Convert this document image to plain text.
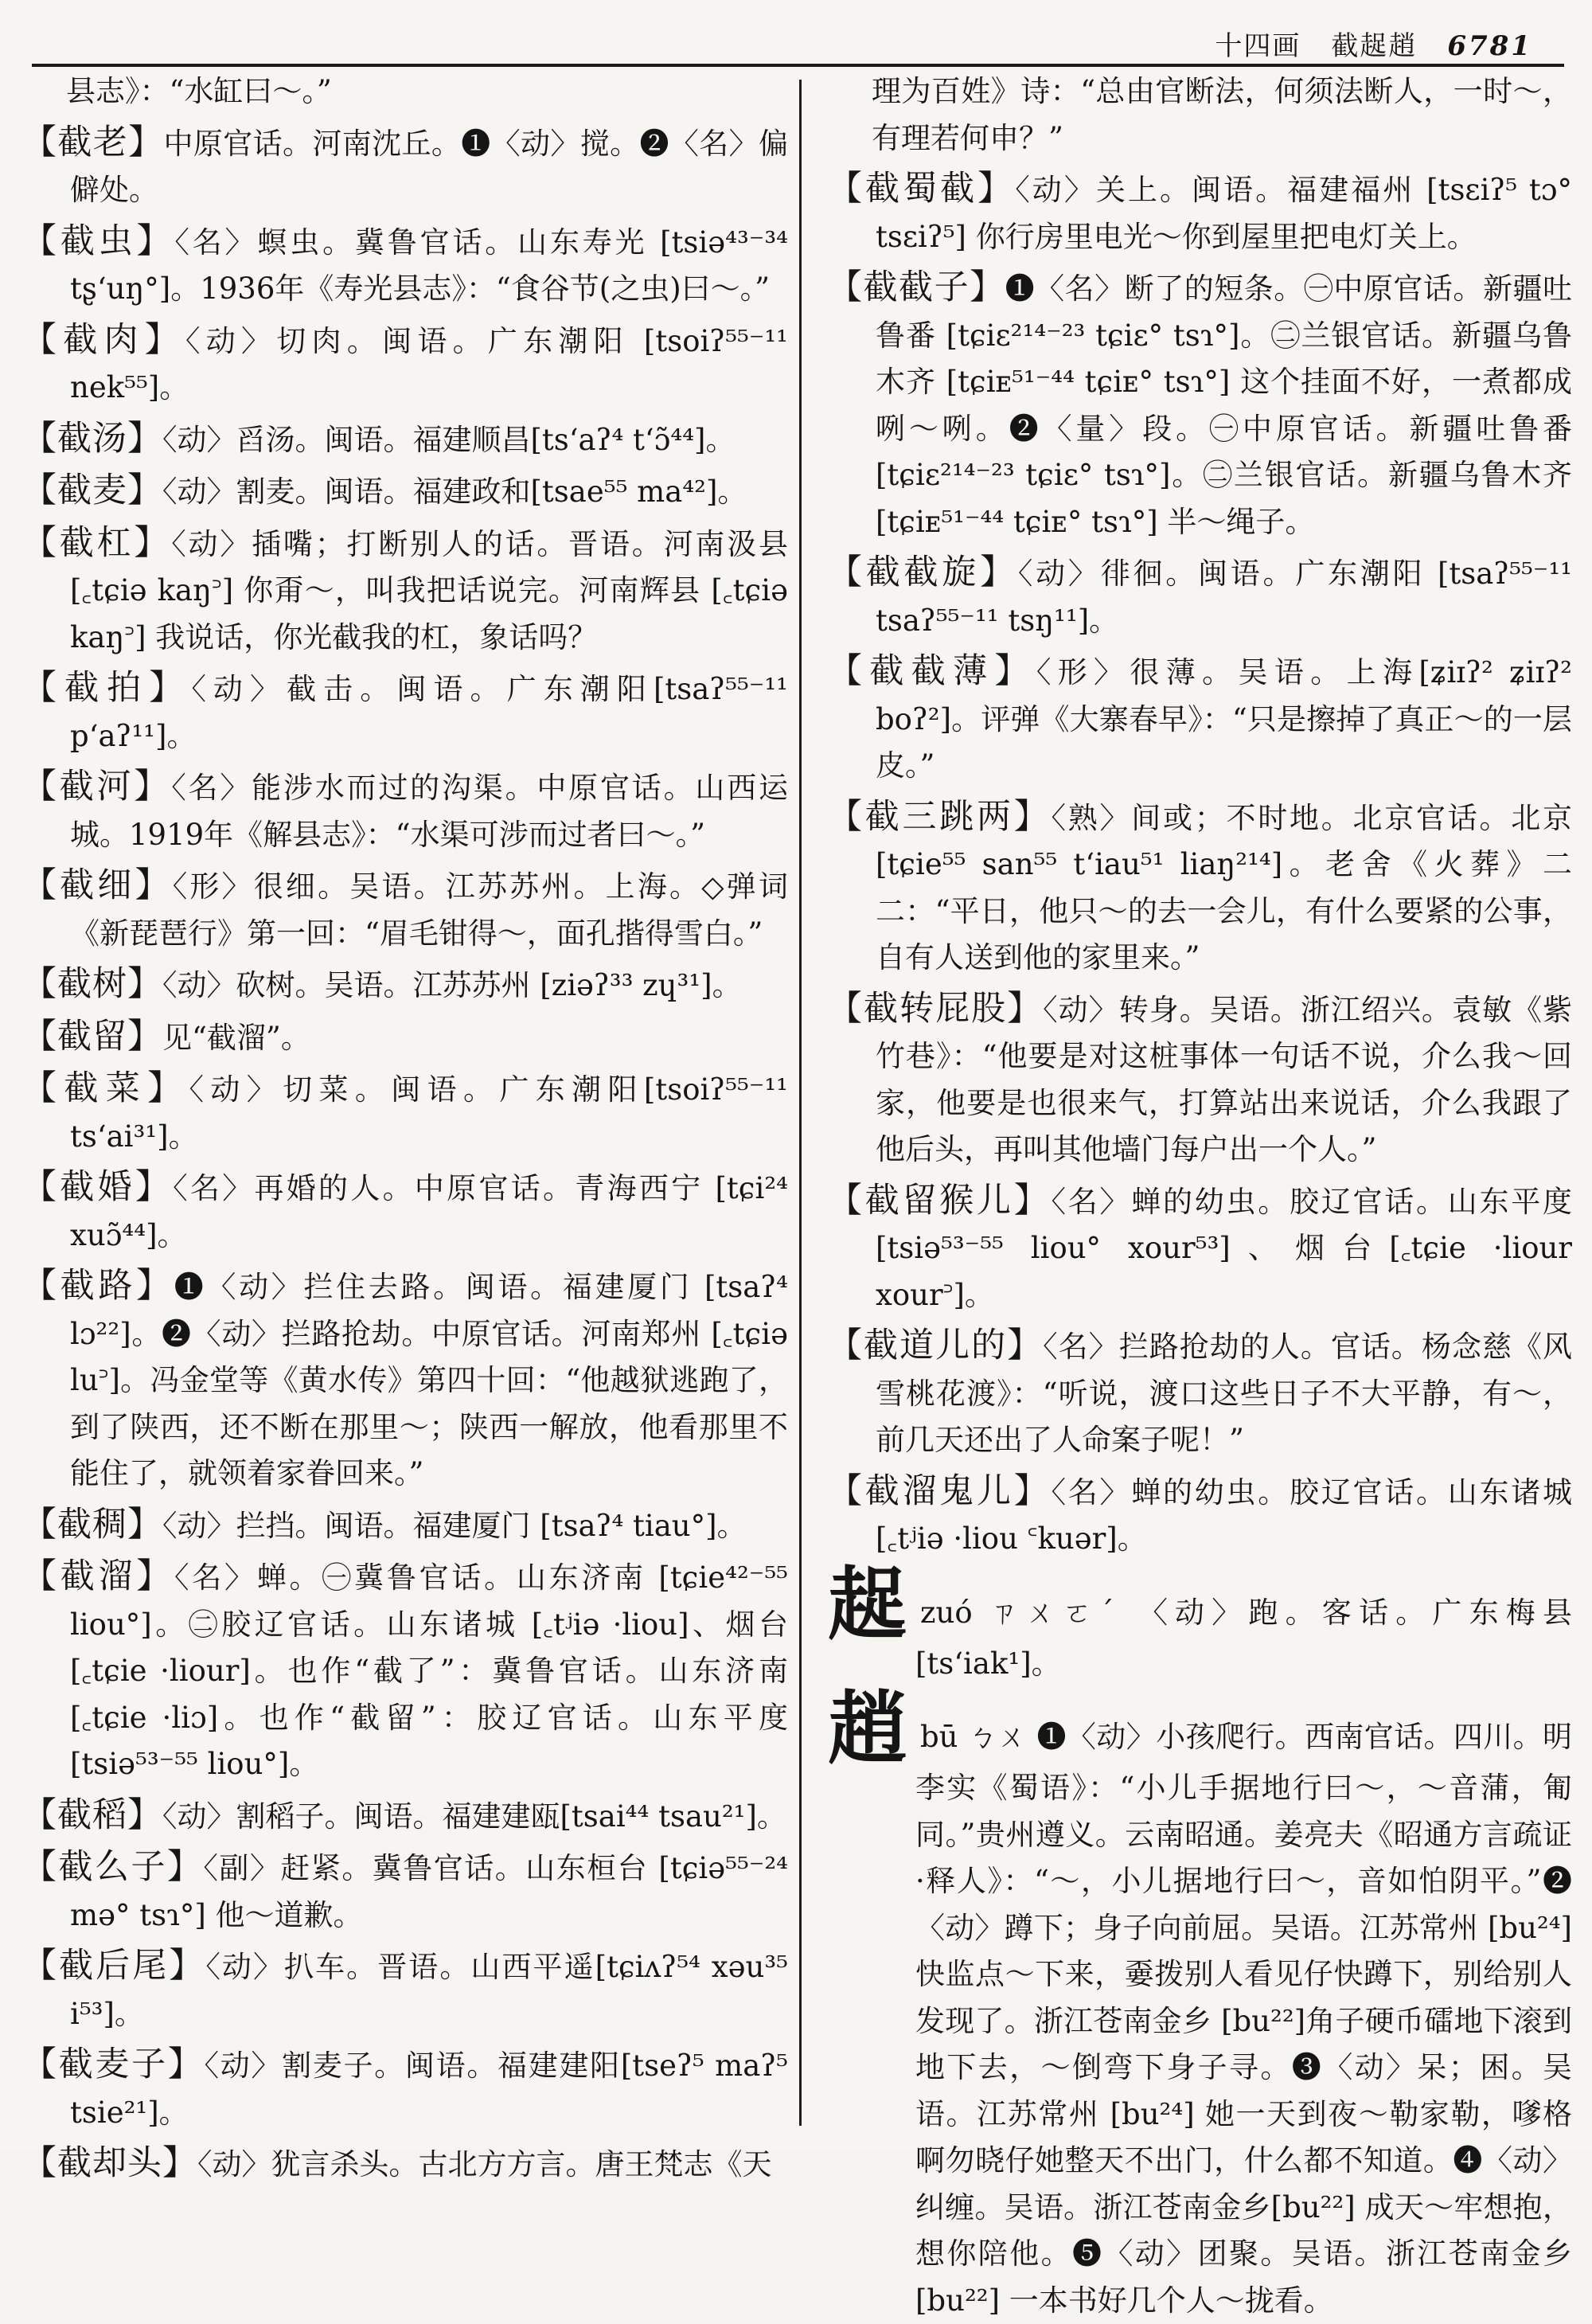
十四画 截趗趙 6781

县志》：“水缸曰～。”

【截老】中原官话。河南沈丘。❶〈动〉搅。❷〈名〉偏僻处。

【截虫】〈名〉螟虫。冀鲁官话。山东寿光 [tsiə⁴³⁻³⁴ tʂʻuŋ°]。1936年《寿光县志》：“食谷节(之虫)曰～。”

【截肉】〈动〉切肉。闽语。广东潮阳 [tsoiʔ⁵⁵⁻¹¹ nek⁵⁵]。

【截汤】〈动〉舀汤。闽语。福建顺昌[tsʻaʔ⁴ tʻɔ̃⁴⁴]。

【截麦】〈动〉割麦。闽语。福建政和[tsae⁵⁵ ma⁴²]。

【截杠】〈动〉插嘴；打断别人的话。晋语。河南汲县 [꜀tɕiə kaŋ꜄] 你甭～，叫我把话说完。河南辉县 [꜀tɕiə kaŋ꜄] 我说话，你光截我的杠，象话吗？

【截拍】〈动〉截击。闽语。广东潮阳[tsaʔ⁵⁵⁻¹¹ pʻaʔ¹¹]。

【截河】〈名〉能涉水而过的沟渠。中原官话。山西运城。1919年《解县志》：“水渠可涉而过者曰～。”

【截细】〈形〉很细。吴语。江苏苏州。上海。◇弹词《新琵琶行》第一回：“眉毛钳得～，面孔揩得雪白。”

【截树】〈动〉砍树。吴语。江苏苏州 [ziəʔ³³ zɥ³¹]。

【截留】见“截溜”。

【截菜】〈动〉切菜。闽语。广东潮阳[tsoiʔ⁵⁵⁻¹¹ tsʻai³¹]。

【截婚】〈名〉再婚的人。中原官话。青海西宁 [tɕi²⁴ xuɔ̃⁴⁴]。

【截路】❶〈动〉拦住去路。闽语。福建厦门 [tsaʔ⁴ lɔ²²]。❷〈动〉拦路抢劫。中原官话。河南郑州 [꜀tɕiə lu꜄]。冯金堂等《黄水传》第四十回：“他越狱逃跑了，到了陕西，还不断在那里～；陕西一解放，他看那里不能住了，就领着家眷回来。”

【截稠】〈动〉拦挡。闽语。福建厦门 [tsaʔ⁴ tiau°]。

【截溜】〈名〉蝉。㊀冀鲁官话。山东济南 [tɕie⁴²⁻⁵⁵ liou°]。㊁胶辽官话。山东诸城 [꜀tʲiə ·liou]、烟台 [꜀tɕie ·liour]。也作“截了”：冀鲁官话。山东济南 [꜀tɕie ·liɔ]。也作“截留”：胶辽官话。山东平度 [tsiə⁵³⁻⁵⁵ liou°]。

【截稻】〈动〉割稻子。闽语。福建建瓯[tsai⁴⁴ tsau²¹]。

【截么子】〈副〉赶紧。冀鲁官话。山东桓台 [tɕiə⁵⁵⁻²⁴ mə° tsɿ°] 他～道歉。

【截后尾】〈动〉扒车。晋语。山西平遥[tɕiʌʔ⁵⁴ xəu³⁵ i⁵³]。

【截麦子】〈动〉割麦子。闽语。福建建阳[tseʔ⁵ maʔ⁵ tsie²¹]。

【截却头】〈动〉犹言杀头。古北方方言。唐王梵志《天

理为百姓》诗：“总由官断法，何须法断人，一时～，有理若何申？”

【截蜀截】〈动〉关上。闽语。福建福州 [tsɛiʔ⁵ tɔ° tsɛiʔ⁵] 你行房里电光～你到屋里把电灯关上。

【截截子】❶〈名〉断了的短条。㊀中原官话。新疆吐鲁番 [tɕiɛ²¹⁴⁻²³ tɕiɛ° tsɿ°]。㊁兰银官话。新疆乌鲁木齐 [tɕiᴇ⁵¹⁻⁴⁴ tɕiᴇ° tsɿ°] 这个挂面不好，一煮都成咧～咧。❷〈量〉段。㊀中原官话。新疆吐鲁番 [tɕiɛ²¹⁴⁻²³ tɕiɛ° tsɿ°]。㊁兰银官话。新疆乌鲁木齐 [tɕiᴇ⁵¹⁻⁴⁴ tɕiᴇ° tsɿ°] 半～绳子。

【截截旋】〈动〉徘徊。闽语。广东潮阳 [tsaʔ⁵⁵⁻¹¹ tsaʔ⁵⁵⁻¹¹ tsŋ¹¹]。

【截截薄】〈形〉很薄。吴语。上海[ʑiɪʔ² ʑiɪʔ² boʔ²]。评弹《大寨春早》：“只是擦掉了真正～的一层皮。”

【截三跳两】〈熟〉间或；不时地。北京官话。北京 [tɕie⁵⁵ san⁵⁵ tʻiau⁵¹ liaŋ²¹⁴]。老舍《火葬》二二：“平日，他只～的去一会儿，有什么要紧的公事，自有人送到他的家里来。”

【截转屁股】〈动〉转身。吴语。浙江绍兴。袁敏《紫竹巷》：“他要是对这桩事体一句话不说，介么我～回家，他要是也很来气，打算站出来说话，介么我跟了他后头，再叫其他墙门每户出一个人。”

【截留猴儿】〈名〉蝉的幼虫。胶辽官话。山东平度 [tsiə⁵³⁻⁵⁵ liou° xour⁵³]、烟台[꜀tɕie ·liour xour꜄]。

【截道儿的】〈名〉拦路抢劫的人。官话。杨念慈《风雪桃花渡》：“听说，渡口这些日子不大平静，有～，前几天还出了人命案子呢！”

【截溜鬼儿】〈名〉蝉的幼虫。胶辽官话。山东诸城 [꜀tʲiə ·liou ꜂kuər]。

趗zuó ㄗㄨㄛˊ 〈动〉跑。客话。广东梅县 [tsʻiak¹]。

趙bū ㄅㄨ ❶〈动〉小孩爬行。西南官话。四川。明李实《蜀语》：“小儿手据地行曰～，～音蒲，匍同。”贵州遵义。云南昭通。姜亮夫《昭通方言疏证·释人》：“～，小儿据地行曰～，音如怕阴平。”❷〈动〉蹲下；身子向前屈。吴语。江苏常州 [bu²⁴] 快监点～下来，嫑拨别人看见仔快蹲下，别给别人发现了。浙江苍南金乡 [bu²²]角子硬币礌地下滚到地下去，～倒弯下身子寻。❸〈动〉呆；困。吴语。江苏常州 [bu²⁴] 她一天到夜～勒家勒，嗲格啊勿晓仔她整天不出门，什么都不知道。❹〈动〉纠缠。吴语。浙江苍南金乡[bu²²] 成天～牢想抱，想你陪他。❺〈动〉团聚。吴语。浙江苍南金乡[bu²²] 一本书好几个人～拢看。
